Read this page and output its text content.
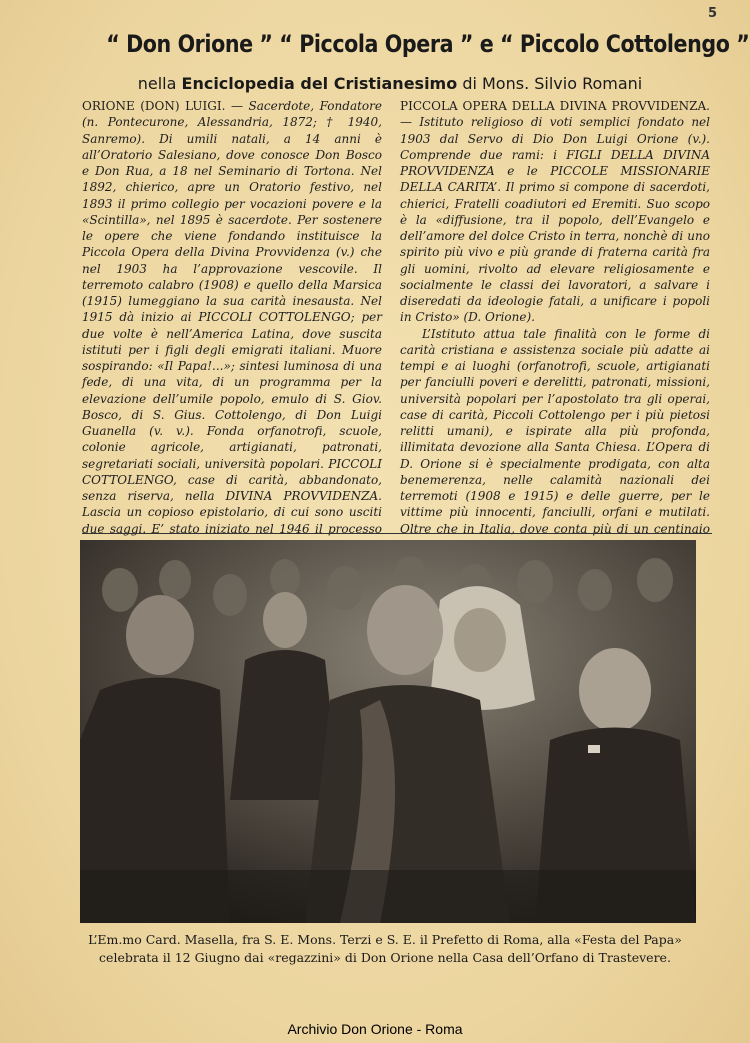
5
“ Don Orione ” “ Piccola Opera ” e “ Piccolo Cottolengo ”
nella Enciclopedia del Cristianesimo di Mons. Silvio Romani

ORIONE (DON) LUIGI. — Sacerdote, Fondatore (n. Pontecurone, Alessandria, 1872; † 1940, Sanremo). Di umili natali, a 14 anni è all’Oratorio Salesiano, dove conosce Don Bosco e Don Rua, a 18 nel Seminario di Tortona. Nel 1892, chierico, apre un Oratorio festivo, nel 1893 il primo collegio per vocazioni povere e la «Scintilla», nel 1895 è sacerdote. Per sostenere le opere che viene fondando instituisce la Piccola Opera della Divina Provvidenza (v.) che nel 1903 ha l’approvazione vescovile. Il terremoto calabro (1908) e quello della Marsica (1915) lumeggiano la sua carità inesausta. Nel 1915 dà inizio ai PICCOLI COTTOLENGO; per due volte è nell’America Latina, dove suscita istituti per i figli degli emigrati italiani. Muore sospirando: «Il Papa!...»; sintesi luminosa di una fede, di una vita, di un programma per la elevazione dell’umile popolo, emulo di S. Giov. Bosco, di S. Gius. Cottolengo, di Don Luigi Guanella (v. v.). Fonda orfanotrofi, scuole, colonie agricole, artigianati, patronati, segretariati sociali, università popolari. PICCOLI COTTOLENGO, case di carità, abbandonato, senza riserva, nella DIVINA PROVVIDENZA. Lascia un copioso epistolario, di cui sono usciti due saggi. E’ stato iniziato nel 1946 il processo

PICCOLA OPERA DELLA DIVINA PROVVIDENZA. — Istituto religioso di voti semplici fondato nel 1903 dal Servo di Dio Don Luigi Orione (v.). Comprende due rami: i FIGLI DELLA DIVINA PROVVIDENZA e le PICCOLE MISSIONARIE DELLA CARITA’. Il primo si compone di sacerdoti, chierici, Fratelli coadiutori ed Eremiti. Suo scopo è la «diffusione, tra il popolo, dell’Evangelo e dell’amore del dolce Cristo in terra, nonchè di uno spirito più vivo e più grande di fraterna carità fra gli uomini, rivolto ad elevare religiosamente e socialmente le classi dei lavoratori, a salvare i diseredati da ideologie fatali, a unificare i popoli in Cristo» (D. Orione).

L’Istituto attua tale finalità con le forme di carità cristiana e assistenza sociale più adatte ai tempi e ai luoghi (orfanotrofi, scuole, artigianati per fanciulli poveri e derelitti, patronati, missioni, università popolari per l’apostolato tra gli operai, case di carità, Piccoli Cottolengo per i più pietosi relitti umani), e ispirate alla più profonda, illimitata devozione alla Santa Chiesa. L’Opera di D. Orione si è specialmente prodigata, con alta benemerenza, nelle calamità nazionali dei terremoti (1908 e 1915) e delle guerre, per le vittime più innocenti, fanciulli, orfani e mutilati. Oltre che in Italia, dove conta più di un centinaio

L’Em.mo Card. Masella, fra S. E. Mons. Terzi e S. E. il Prefetto di Roma, alla «Festa del Papa»
celebrata il 12 Giugno dai «regazzini» di Don Orione nella Casa dell’Orfano di Trastevere.
Archivio Don Orione - Roma
